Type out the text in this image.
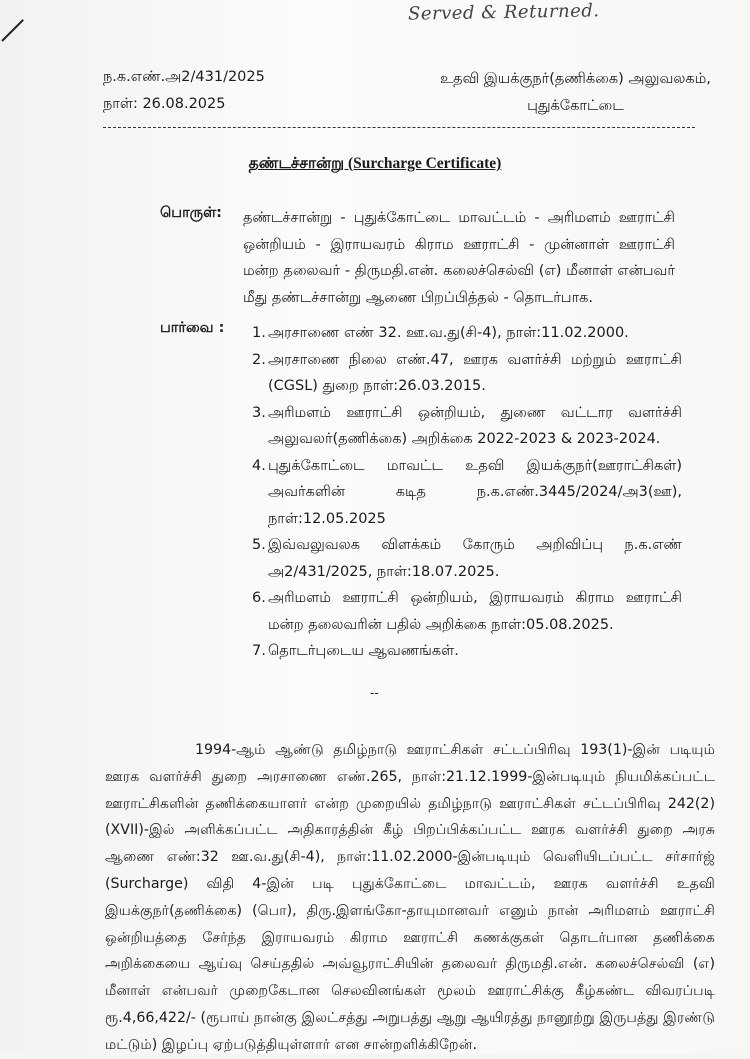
Served & Returned.
ந.க.எண்.அ2/431/2025
நாள்: 26.08.2025
உதவி இயக்குநர்(தணிக்கை) அலுவலகம்,
புதுக்கோட்டை
தண்டச்சான்று (Surcharge Certificate)
பொருள்: தண்டச்சான்று - புதுக்கோட்டை மாவட்டம் - அரிமளம் ஊராட்சி ஒன்றியம் - இராயவரம் கிராம ஊராட்சி - முன்னாள் ஊராட்சி மன்ற தலைவர் - திருமதி.என். கலைச்செல்வி (எ) மீனாள் என்பவர் மீது தண்டச்சான்று ஆணை பிறப்பித்தல் - தொடர்பாக.
பார்வை : 1. அரசாணை எண் 32. ஊ.வ.து(சி-4), நாள்:11.02.2000.
2. அரசாணை நிலை எண்.47, ஊரக வளர்ச்சி மற்றும் ஊராட்சி (CGSL) துறை நாள்:26.03.2015.
3. அரிமளம் ஊராட்சி ஒன்றியம், துணை வட்டார வளர்ச்சி அலுவலர்(தணிக்கை) அறிக்கை 2022-2023 & 2023-2024.
4. புதுக்கோட்டை மாவட்ட உதவி இயக்குநர்(ஊராட்சிகள்) அவர்களின் கடித ந.க.எண்.3445/2024/அ3(ஊ), நாள்:12.05.2025
5. இவ்வலுவலக விளக்கம் கோரும் அறிவிப்பு ந.க.எண் அ2/431/2025, நாள்:18.07.2025.
6. அரிமளம் ஊராட்சி ஒன்றியம், இராயவரம் கிராம ஊராட்சி மன்ற தலைவரின் பதில் அறிக்கை நாள்:05.08.2025.
7. தொடர்புடைய ஆவணங்கள்.
--
1994-ஆம் ஆண்டு தமிழ்நாடு ஊராட்சிகள் சட்டப்பிரிவு 193(1)-இன் படியும் ஊரக வளர்ச்சி துறை அரசாணை எண்.265, நாள்:21.12.1999-இன்படியும் நியமிக்கப்பட்ட ஊராட்சிகளின் தணிக்கையாளர் என்ற முறையில் தமிழ்நாடு ஊராட்சிகள் சட்டப்பிரிவு 242(2) (XVII)-இல் அளிக்கப்பட்ட அதிகாரத்தின் கீழ் பிறப்பிக்கப்பட்ட ஊரக வளர்ச்சி துறை அரசு ஆணை எண்:32 ஊ.வ.து(சி-4), நாள்:11.02.2000-இன்படியும் வெளியிடப்பட்ட சர்சார்ஜ் (Surcharge) விதி 4-இன் படி புதுக்கோட்டை மாவட்டம், ஊரக வளர்ச்சி உதவி இயக்குநர்(தணிக்கை) (பொ), திரு.இளங்கோ-தாயுமானவர் எனும் நான் அரிமளம் ஊராட்சி ஒன்றியத்தை சேர்ந்த இராயவரம் கிராம ஊராட்சி கணக்குகள் தொடர்பான தணிக்கை அறிக்கையை ஆய்வு செய்ததில் அவ்வூராட்சியின் தலைவர் திருமதி.என். கலைச்செல்வி (எ) மீனாள் என்பவர் முறைகேடான செலவினங்கள் மூலம் ஊராட்சிக்கு கீழ்கண்ட விவரப்படி ரூ.4,66,422/- (ரூபாய் நான்கு இலட்சத்து அறுபத்து ஆறு ஆயிரத்து நானூற்று இருபத்து இரண்டு மட்டும்) இழப்பு ஏற்படுத்தியுள்ளார் என சான்றளிக்கிறேன்.
